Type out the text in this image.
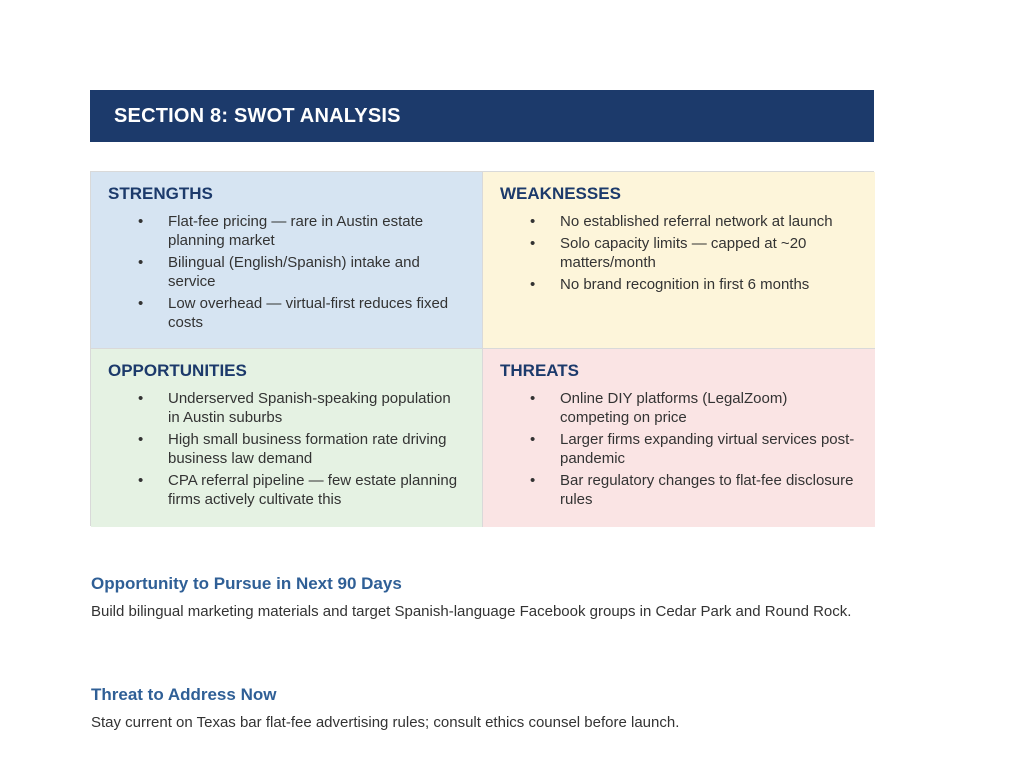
SECTION 8: SWOT ANALYSIS
STRENGTHS
• Flat-fee pricing — rare in Austin estate planning market
• Bilingual (English/Spanish) intake and service
• Low overhead — virtual-first reduces fixed costs
WEAKNESSES
• No established referral network at launch
• Solo capacity limits — capped at ~20 matters/month
• No brand recognition in first 6 months
OPPORTUNITIES
• Underserved Spanish-speaking population in Austin suburbs
• High small business formation rate driving business law demand
• CPA referral pipeline — few estate planning firms actively cultivate this
THREATS
• Online DIY platforms (LegalZoom) competing on price
• Larger firms expanding virtual services post-pandemic
• Bar regulatory changes to flat-fee disclosure rules
Opportunity to Pursue in Next 90 Days
Build bilingual marketing materials and target Spanish-language Facebook groups in Cedar Park and Round Rock.
Threat to Address Now
Stay current on Texas bar flat-fee advertising rules; consult ethics counsel before launch.
